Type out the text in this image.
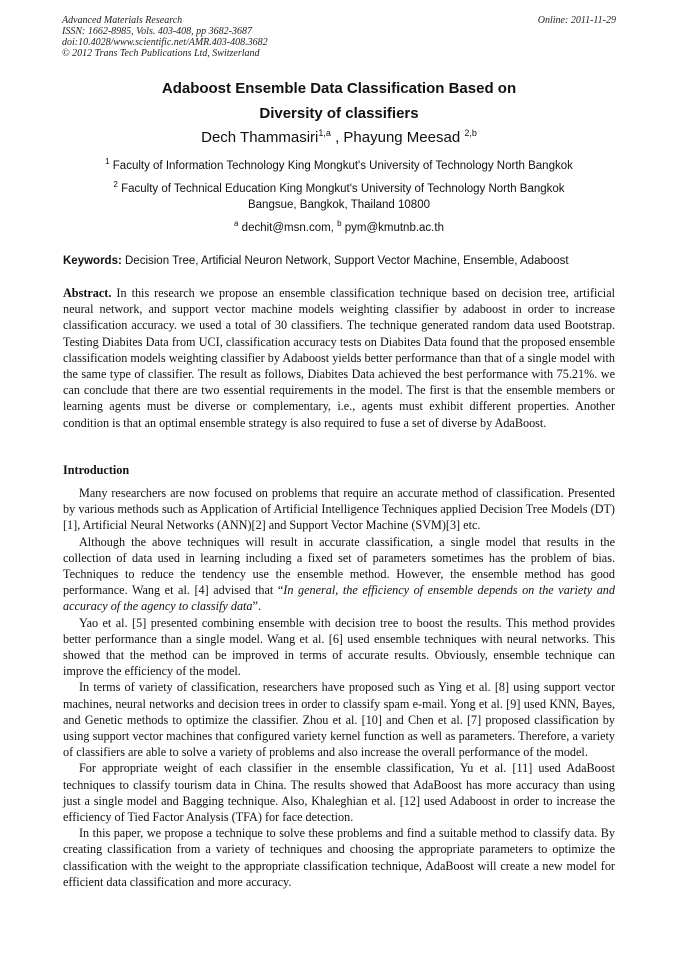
Advanced Materials Research
ISSN: 1662-8985, Vols. 403-408, pp 3682-3687
doi:10.4028/www.scientific.net/AMR.403-408.3682
© 2012 Trans Tech Publications Ltd, Switzerland
Online: 2011-11-29
Adaboost Ensemble Data Classification Based on
Diversity of classifiers
Dech Thammasiri$^{1,a}$ , Phayung Meesad $^{2,b}$
$^1$ Faculty of Information Technology King Mongkut's University of Technology North Bangkok
$^2$ Faculty of Technical Education King Mongkut's University of Technology North Bangkok
Bangsue, Bangkok, Thailand 10800
$^a$ dechit@msn.com, $^b$ pym@kmutnb.ac.th
Keywords: Decision Tree, Artificial Neuron Network, Support Vector Machine, Ensemble, Adaboost
Abstract. In this research we propose an ensemble classification technique based on decision tree, artificial neural network, and support vector machine models weighting classifier by adaboost in order to increase classification accuracy. we used a total of 30 classifiers. The technique generated random data used Bootstrap. Testing Diabites Data from UCI, classification accuracy tests on Diabites Data found that the proposed ensemble classification models weighting classifier by Adaboost yields better performance than that of a single model with the same type of classifier. The result as follows, Diabites Data achieved the best performance with 75.21%. we can conclude that there are two essential requirements in the model. The first is that the ensemble members or learning agents must be diverse or complementary, i.e., agents must exhibit different properties. Another condition is that an optimal ensemble strategy is also required to fuse a set of diverse by AdaBoost.
Introduction

Many researchers are now focused on problems that require an accurate method of classification. Presented by various methods such as Application of Artificial Intelligence Techniques applied Decision Tree Models (DT) [1], Artificial Neural Networks (ANN)[2] and Support Vector Machine (SVM)[3] etc.

Although the above techniques will result in accurate classification, a single model that results in the collection of data used in learning including a fixed set of parameters sometimes has the problem of bias. Techniques to reduce the tendency use the ensemble method. However, the ensemble method has good performance. Wang et al. [4] advised that “In general, the efficiency of ensemble depends on the variety and accuracy of the agency to classify data”.

Yao et al. [5] presented combining ensemble with decision tree to boost the results. This method provides better performance than a single model. Wang et al. [6] used ensemble techniques with neural networks. This showed that the method can be improved in terms of accurate results. Obviously, ensemble technique can improve the efficiency of the model.

In terms of variety of classification, researchers have proposed such as Ying et al. [8] using support vector machines, neural networks and decision trees in order to classify spam e-mail. Yong et al. [9] used KNN, Bayes, and Genetic methods to optimize the classifier. Zhou et al. [10] and Chen et al. [7] proposed classification by using support vector machines that configured variety kernel function as well as parameters. Therefore, a variety of classifiers are able to solve a variety of problems and also increase the overall performance of the model.

For appropriate weight of each classifier in the ensemble classification, Yu et al. [11] used AdaBoost techniques to classify tourism data in China. The results showed that AdaBoost has more accuracy than using just a single model and Bagging technique. Also, Khaleghian et al. [12] used Adaboost in order to increase the efficiency of Tied Factor Analysis (TFA) for face detection.

In this paper, we propose a technique to solve these problems and find a suitable method to classify data. By creating classification from a variety of techniques and choosing the appropriate parameters to optimize the classification with the weight to the appropriate classification technique, AdaBoost will create a new model for efficient data classification and more accuracy.
